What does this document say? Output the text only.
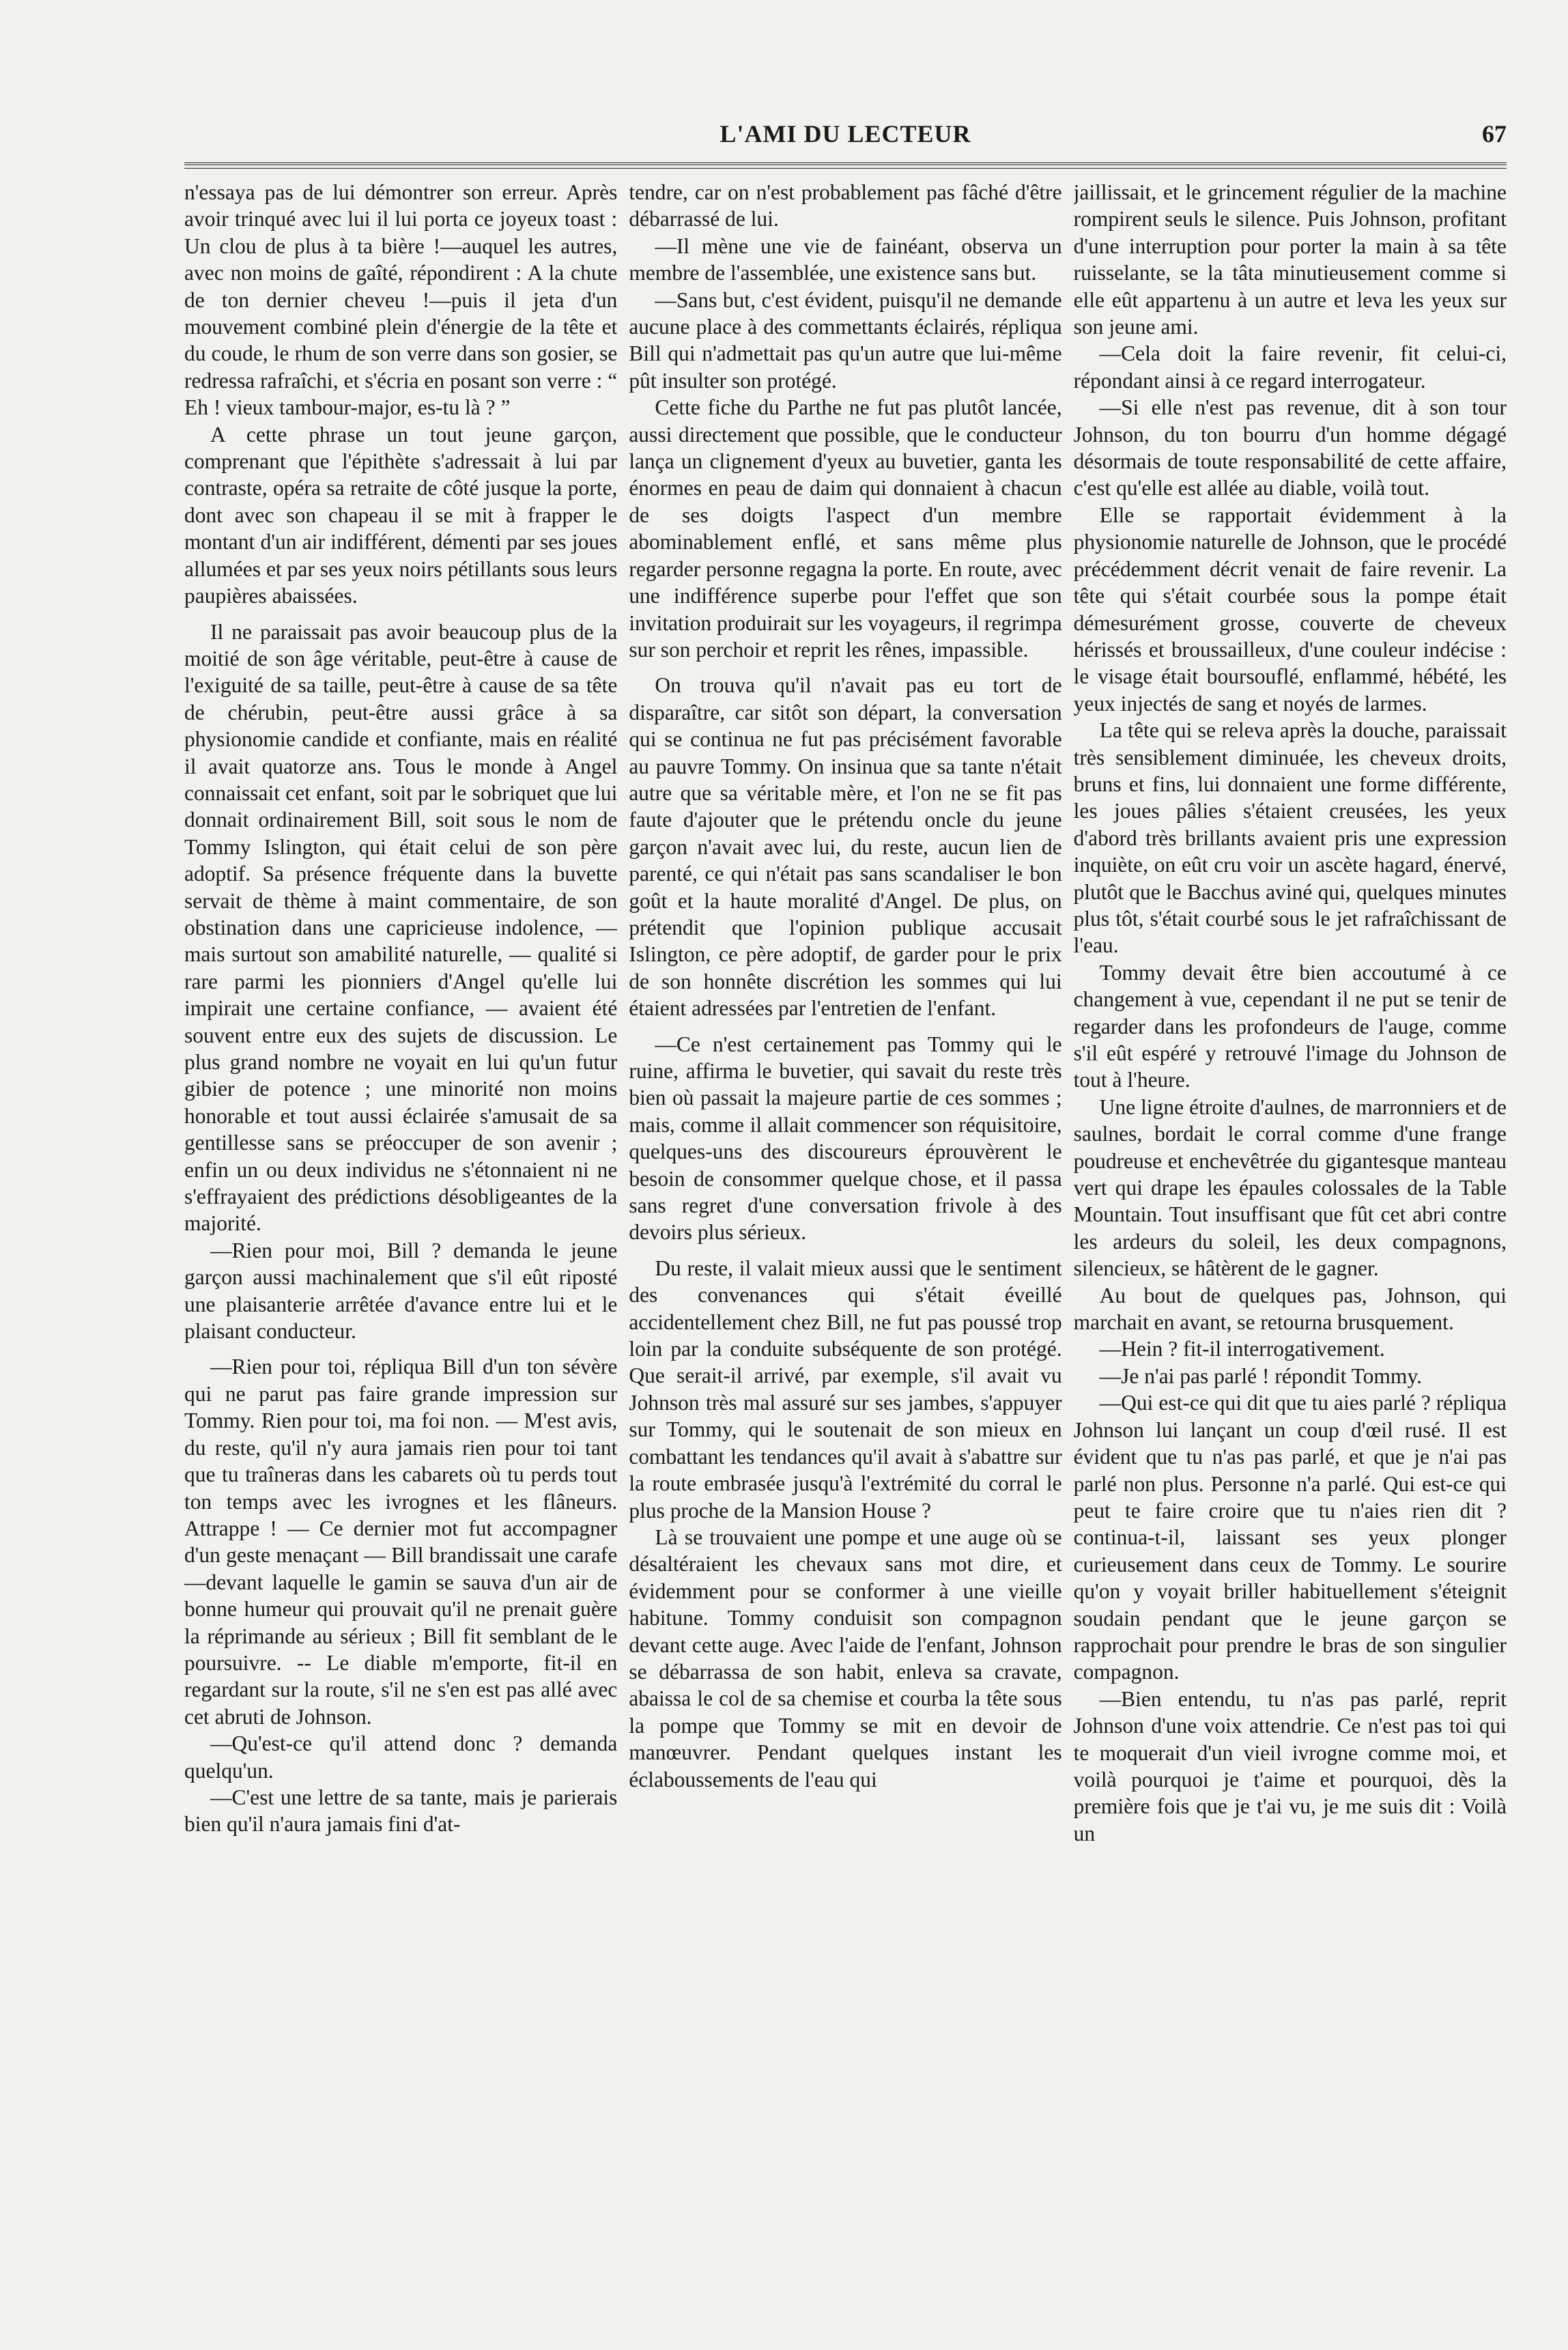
L'AMI DU LECTEUR	67

n'essaya pas de lui démontrer son erreur. Après avoir trinqué avec lui il lui porta ce joyeux toast : Un clou de plus à ta bière !—auquel les autres, avec non moins de gaîté, répondirent : A la chute de ton dernier cheveu !—puis il jeta d'un mouvement combiné plein d'énergie de la tête et du coude, le rhum de son verre dans son gosier, se redressa rafraîchi, et s'écria en posant son verre : “ Eh ! vieux tambour-major, es-tu là ? ”

A cette phrase un tout jeune garçon, comprenant que l'épithète s'adressait à lui par contraste, opéra sa retraite de côté jusque la porte, dont avec son chapeau il se mit à frapper le montant d'un air indifférent, démenti par ses joues allumées et par ses yeux noirs pétillants sous leurs paupières abaissées.

Il ne paraissait pas avoir beaucoup plus de la moitié de son âge véritable, peut-être à cause de l'exiguité de sa taille, peut-être à cause de sa tête de chérubin, peut-être aussi grâce à sa physionomie candide et confiante, mais en réalité il avait quatorze ans. Tous le monde à Angel connaissait cet enfant, soit par le sobriquet que lui donnait ordinairement Bill, soit sous le nom de Tommy Islington, qui était celui de son père adoptif. Sa présence fréquente dans la buvette servait de thème à maint commentaire, de son obstination dans une capricieuse indolence, — mais surtout son amabilité naturelle, — qualité si rare parmi les pionniers d'Angel qu'elle lui impirait une certaine confiance, — avaient été souvent entre eux des sujets de discussion. Le plus grand nombre ne voyait en lui qu'un futur gibier de potence ; une minorité non moins honorable et tout aussi éclairée s'amusait de sa gentillesse sans se préoccuper de son avenir ; enfin un ou deux individus ne s'étonnaient ni ne s'effrayaient des prédictions désobligeantes de la majorité.

—Rien pour moi, Bill ? demanda le jeune garçon aussi machinalement que s'il eût riposté une plaisanterie arrêtée d'avance entre lui et le plaisant conducteur.

—Rien pour toi, répliqua Bill d'un ton sévère qui ne parut pas faire grande impression sur Tommy. Rien pour toi, ma foi non. — M'est avis, du reste, qu'il n'y aura jamais rien pour toi tant que tu traîneras dans les cabarets où tu perds tout ton temps avec les ivrognes et les flâneurs. Attrappe ! — Ce dernier mot fut accompagner d'un geste menaçant — Bill brandissait une carafe —devant laquelle le gamin se sauva d'un air de bonne humeur qui prouvait qu'il ne prenait guère la réprimande au sérieux ; Bill fit semblant de le poursuivre. -- Le diable m'emporte, fit-il en regardant sur la route, s'il ne s'en est pas allé avec cet abruti de Johnson.

—Qu'est-ce qu'il attend donc ? demanda quelqu'un.

—C'est une lettre de sa tante, mais je parierais bien qu'il n'aura jamais fini d'at-

tendre, car on n'est probablement pas fâché d'être débarrassé de lui.

—Il mène une vie de fainéant, observa un membre de l'assemblée, une existence sans but.

—Sans but, c'est évident, puisqu'il ne demande aucune place à des commettants éclairés, répliqua Bill qui n'admettait pas qu'un autre que lui-même pût insulter son protégé.

Cette fiche du Parthe ne fut pas plutôt lancée, aussi directement que possible, que le conducteur lança un clignement d'yeux au buvetier, ganta les énormes en peau de daim qui donnaient à chacun de ses doigts l'aspect d'un membre abominablement enflé, et sans même plus regarder personne regagna la porte. En route, avec une indifférence superbe pour l'effet que son invitation produirait sur les voyageurs, il regrimpa sur son perchoir et reprit les rênes, impassible.

On trouva qu'il n'avait pas eu tort de disparaître, car sitôt son départ, la conversation qui se continua ne fut pas précisément favorable au pauvre Tommy. On insinua que sa tante n'était autre que sa véritable mère, et l'on ne se fit pas faute d'ajouter que le prétendu oncle du jeune garçon n'avait avec lui, du reste, aucun lien de parenté, ce qui n'était pas sans scandaliser le bon goût et la haute moralité d'Angel. De plus, on prétendit que l'opinion publique accusait Islington, ce père adoptif, de garder pour le prix de son honnête discrétion les sommes qui lui étaient adressées par l'entretien de l'enfant.

—Ce n'est certainement pas Tommy qui le ruine, affirma le buvetier, qui savait du reste très bien où passait la majeure partie de ces sommes ; mais, comme il allait commencer son réquisitoire, quelques-uns des discoureurs éprouvèrent le besoin de consommer quelque chose, et il passa sans regret d'une conversation frivole à des devoirs plus sérieux.

Du reste, il valait mieux aussi que le sentiment des convenances qui s'était éveillé accidentellement chez Bill, ne fut pas poussé trop loin par la conduite subséquente de son protégé. Que serait-il arrivé, par exemple, s'il avait vu Johnson très mal assuré sur ses jambes, s'appuyer sur Tommy, qui le soutenait de son mieux en combattant les tendances qu'il avait à s'abattre sur la route embrasée jusqu'à l'extrémité du corral le plus proche de la Mansion House ?

Là se trouvaient une pompe et une auge où se désaltéraient les chevaux sans mot dire, et évidemment pour se conformer à une vieille habitune. Tommy conduisit son compagnon devant cette auge. Avec l'aide de l'enfant, Johnson se débarrassa de son habit, enleva sa cravate, abaissa le col de sa chemise et courba la tête sous la pompe que Tommy se mit en devoir de manœuvrer. Pendant quelques instant les éclaboussements de l'eau qui

jaillissait, et le grincement régulier de la machine rompirent seuls le silence. Puis Johnson, profitant d'une interruption pour porter la main à sa tête ruisselante, se la tâta minutieusement comme si elle eût appartenu à un autre et leva les yeux sur son jeune ami.

—Cela doit la faire revenir, fit celui-ci, répondant ainsi à ce regard interrogateur.

—Si elle n'est pas revenue, dit à son tour Johnson, du ton bourru d'un homme dégagé désormais de toute responsabilité de cette affaire, c'est qu'elle est allée au diable, voilà tout.

Elle se rapportait évidemment à la physionomie naturelle de Johnson, que le procédé précédemment décrit venait de faire revenir. La tête qui s'était courbée sous la pompe était démesurément grosse, couverte de cheveux hérissés et broussailleux, d'une couleur indécise : le visage était boursouflé, enflammé, hébété, les yeux injectés de sang et noyés de larmes.

La tête qui se releva après la douche, paraissait très sensiblement diminuée, les cheveux droits, bruns et fins, lui donnaient une forme différente, les joues pâlies s'étaient creusées, les yeux d'abord très brillants avaient pris une expression inquiète, on eût cru voir un ascète hagard, énervé, plutôt que le Bacchus aviné qui, quelques minutes plus tôt, s'était courbé sous le jet rafraîchissant de l'eau.

Tommy devait être bien accoutumé à ce changement à vue, cependant il ne put se tenir de regarder dans les profondeurs de l'auge, comme s'il eût espéré y retrouvé l'image du Johnson de tout à l'heure.

Une ligne étroite d'aulnes, de marronniers et de saulnes, bordait le corral comme d'une frange poudreuse et enchevêtrée du gigantesque manteau vert qui drape les épaules colossales de la Table Mountain. Tout insuffisant que fût cet abri contre les ardeurs du soleil, les deux compagnons, silencieux, se hâtèrent de le gagner.

Au bout de quelques pas, Johnson, qui marchait en avant, se retourna brusquement.

—Hein ? fit-il interrogativement.

—Je n'ai pas parlé ! répondit Tommy.

—Qui est-ce qui dit que tu aies parlé ? répliqua Johnson lui lançant un coup d'œil rusé. Il est évident que tu n'as pas parlé, et que je n'ai pas parlé non plus. Personne n'a parlé. Qui est-ce qui peut te faire croire que tu n'aies rien dit ? continua-t-il, laissant ses yeux plonger curieusement dans ceux de Tommy. Le sourire qu'on y voyait briller habituellement s'éteignit soudain pendant que le jeune garçon se rapprochait pour prendre le bras de son singulier compagnon.

—Bien entendu, tu n'as pas parlé, reprit Johnson d'une voix attendrie. Ce n'est pas toi qui te moquerait d'un vieil ivrogne comme moi, et voilà pourquoi je t'aime et pourquoi, dès la première fois que je t'ai vu, je me suis dit : Voilà un
